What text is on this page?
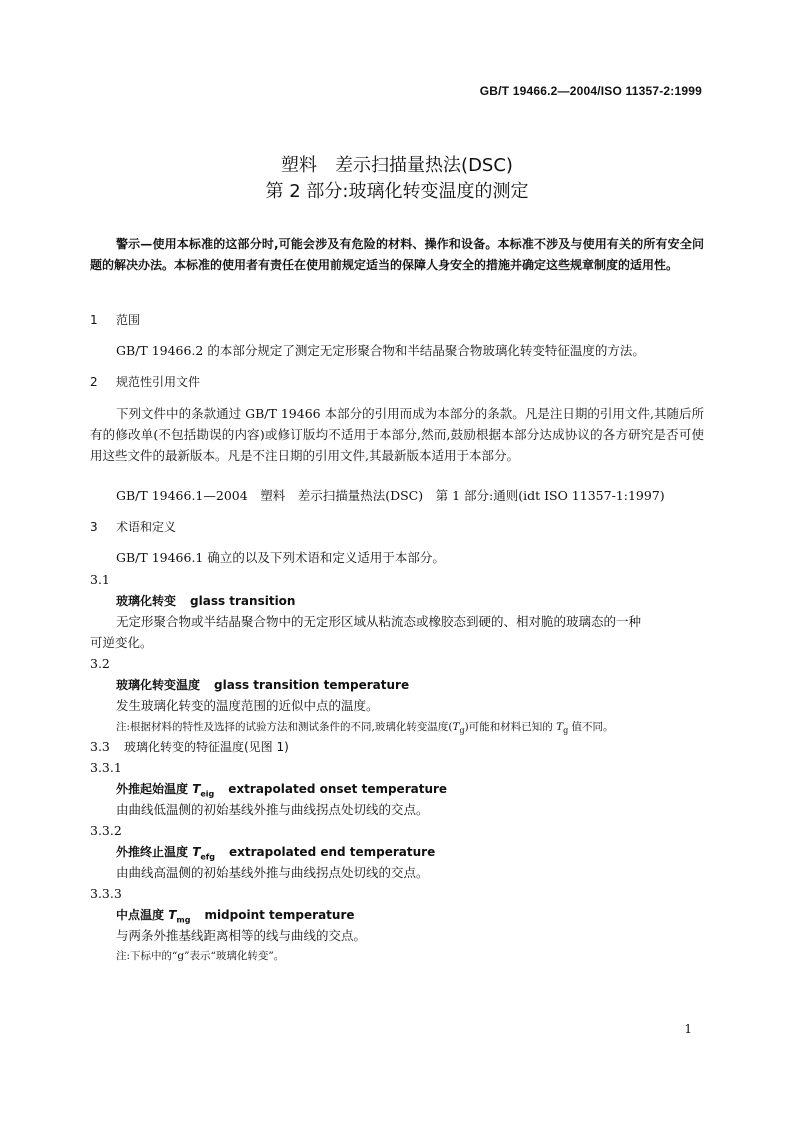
GB/T 19466.2—2004/ISO 11357-2:1999
塑料　差示扫描量热法(DSC)
第 2 部分:玻璃化转变温度的测定
警示—使用本标准的这部分时,可能会涉及有危险的材料、操作和设备。本标准不涉及与使用有关的所有安全问题的解决办法。本标准的使用者有责任在使用前规定适当的保障人身安全的措施并确定这些规章制度的适用性。
1 范围
GB/T 19466.2 的本部分规定了测定无定形聚合物和半结晶聚合物玻璃化转变特征温度的方法。
2 规范性引用文件
下列文件中的条款通过 GB/T 19466 本部分的引用而成为本部分的条款。凡是注日期的引用文件,其随后所有的修改单(不包括勘误的内容)或修订版均不适用于本部分,然而,鼓励根据本部分达成协议的各方研究是否可使用这些文件的最新版本。凡是不注日期的引用文件,其最新版本适用于本部分。
GB/T 19466.1—2004　塑料　差示扫描量热法(DSC)　第 1 部分:通则(idt ISO 11357-1:1997)
3 术语和定义
GB/T 19466.1 确立的以及下列术语和定义适用于本部分。
3.1
玻璃化转变 glass transition
无定形聚合物或半结晶聚合物中的无定形区域从粘流态或橡胶态到硬的、相对脆的玻璃态的一种
可逆变化。
3.2
玻璃化转变温度 glass transition temperature
发生玻璃化转变的温度范围的近似中点的温度。
注:根据材料的特性及选择的试验方法和测试条件的不同,玻璃化转变温度$(T_g)$可能和材料已知的 $T_g$ 值不同。
3.3 玻璃化转变的特征温度(见图 1)
3.3.1
外推起始温度 $T_{eig}$ extrapolated onset temperature
由曲线低温侧的初始基线外推与曲线拐点处切线的交点。
3.3.2
外推终止温度 $T_{efg}$ extrapolated end temperature
由曲线高温侧的初始基线外推与曲线拐点处切线的交点。
3.3.3
中点温度 $T_{mg}$ midpoint temperature
与两条外推基线距离相等的线与曲线的交点。
注:下标中的“g”表示“玻璃化转变”。
1
